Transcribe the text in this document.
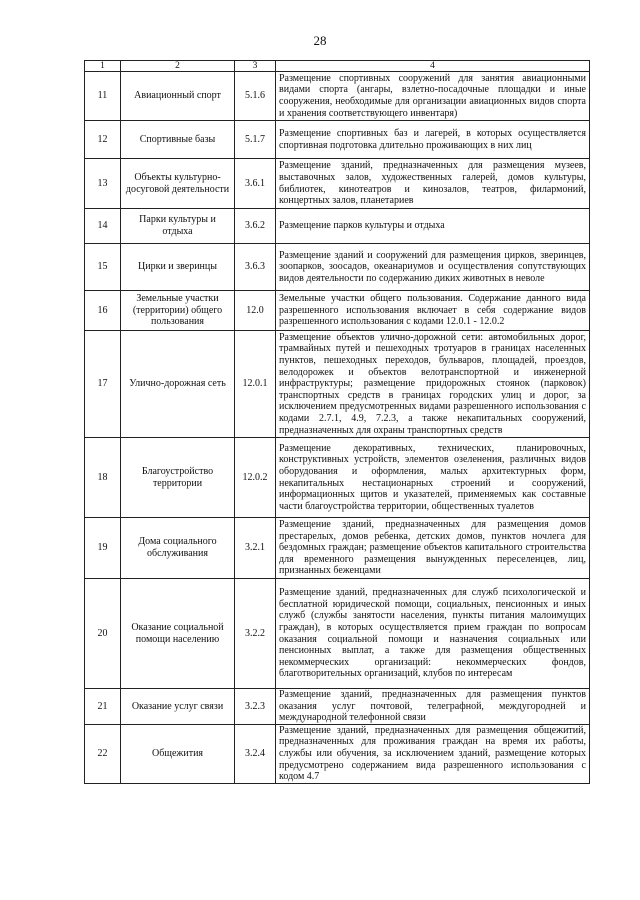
28
1	2	3	4
11	Авиационный спорт	5.1.6	Размещение спортивных сооружений для занятия авиационными видами спорта (ангары, взлетно-посадочные площадки и иные сооружения, необходимые для организации авиационных видов спорта и хранения соответствующего инвентаря)
12	Спортивные базы	5.1.7	Размещение спортивных баз и лагерей, в которых осуществляется спортивная подготовка длительно проживающих в них лиц
13	Объекты культурно-досуговой деятельности	3.6.1	Размещение зданий, предназначенных для размещения музеев, выставочных залов, художественных галерей, домов культуры, библиотек, кинотеатров и кинозалов, театров, филармоний, концертных залов, планетариев
14	Парки культуры и отдыха	3.6.2	Размещение парков культуры и отдыха
15	Цирки и зверинцы	3.6.3	Размещение зданий и сооружений для размещения цирков, зверинцев, зоопарков, зоосадов, океанариумов и осуществления сопутствующих видов деятельности по содержанию диких животных в неволе
16	Земельные участки (территории) общего пользования	12.0	Земельные участки общего пользования. Содержание данного вида разрешенного использования включает в себя содержание видов разрешенного использования с кодами 12.0.1 - 12.0.2
17	Улично-дорожная сеть	12.0.1	Размещение объектов улично-дорожной сети: автомобильных дорог, трамвайных путей и пешеходных тротуаров в границах населенных пунктов, пешеходных переходов, бульваров, площадей, проездов, велодорожек и объектов велотранспортной и инженерной инфраструктуры; размещение придорожных стоянок (парковок) транспортных средств в границах городских улиц и дорог, за исключением предусмотренных видами разрешенного использования с кодами 2.7.1, 4.9, 7.2.3, а также некапитальных сооружений, предназначенных для охраны транспортных средств
18	Благоустройство территории	12.0.2	Размещение декоративных, технических, планировочных, конструктивных устройств, элементов озеленения, различных видов оборудования и оформления, малых архитектурных форм, некапитальных нестационарных строений и сооружений, информационных щитов и указателей, применяемых как составные части благоустройства территории, общественных туалетов
19	Дома социального обслуживания	3.2.1	Размещение зданий, предназначенных для размещения домов престарелых, домов ребенка, детских домов, пунктов ночлега для бездомных граждан; размещение объектов капитального строительства для временного размещения вынужденных переселенцев, лиц, признанных беженцами
20	Оказание социальной помощи населению	3.2.2	Размещение зданий, предназначенных для служб психологической и бесплатной юридической помощи, социальных, пенсионных и иных служб (службы занятости населения, пункты питания малоимущих граждан), в которых осуществляется прием граждан по вопросам оказания социальной помощи и назначения социальных или пенсионных выплат, а также для размещения общественных некоммерческих организаций: некоммерческих фондов, благотворительных организаций, клубов по интересам
21	Оказание услуг связи	3.2.3	Размещение зданий, предназначенных для размещения пунктов оказания услуг почтовой, телеграфной, междугородней и международной телефонной связи
22	Общежития	3.2.4	Размещение зданий, предназначенных для размещения общежитий, предназначенных для проживания граждан на время их работы, службы или обучения, за исключением зданий, размещение которых предусмотрено содержанием вида разрешенного использования с кодом 4.7
